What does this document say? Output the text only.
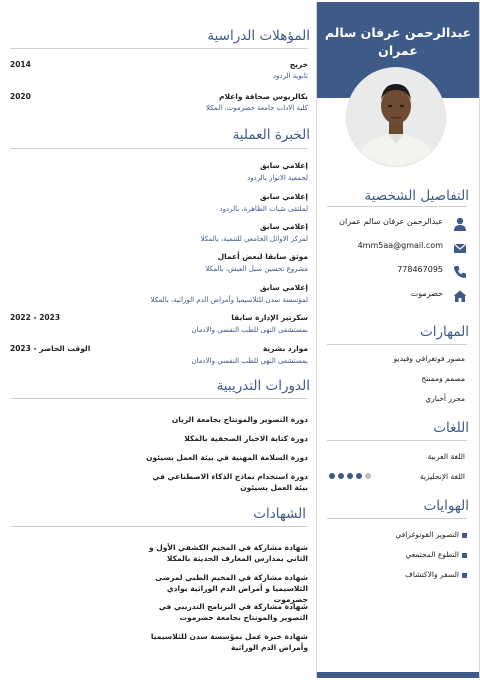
عبدالرحمن عرفان سالم عمران
التفاصيل الشخصية
عبدالرحمن عرفان سالم عمران
4mm5aa@gmail.com
778467095
حضرموت
المهارات
مصور فوتغرافي وفيديو
مصمم وممنتج
محرر أخباري
اللغات
اللغة العربية
اللغة الإنجليزية
الهوايات
التصوير الفوتوغرافي
التطوع المجتمعي
السفر والاكتشاف
المؤهلات الدراسية
خريج
2014
ثانوية الردود
بكالريوس صحافة واعلام
2020
كلية الاداب جامعة حضرموت، المكلا
الخبرة العملية
إعلامي سابق
لجمعية الانوار بالردود
إعلامي سابق
لملتقى شباب الظاهرة، بالردود
إعلامي سابق
لمركز الاوائل الجامعي للتنمية، بالمكلا
موثق سابقا لبعض أعمال
مشروع تحسين سبل العيش، بالمكلا
إعلامي سابق
لمؤسسة سدن للثلاسيميا وأمراض الدم الوراثية، بالمكلا
سكرتير الإدارة سابقا
2022 - 2023
بمستشفى النهى للطب النفسي والادمان
موارد بشرية
2023 - الوقت الحاضر
بمستشفى النهى للطب النفسي والادمان
الدورات التدريبية
دورة التصوير والمونتاج بجامعة الريان
دورة كتابة الاخبار الصحفية بالمكلا
دورة السلامة المهنية في بيئة العمل بسيئون
دورة استخدام نماذج الذكاء الاصطناعي في بيئة العمل بسيئون
الشهادات
شهادة مشاركة في المخيم الكشفي الأول و الثاني بمدارس المعارف الحديثة بالمكلا
شهادة مشاركة في المخيم الطبي لمرضى الثلاسيميا و أمراض الدم الوراثية بوادي حضرموت
شهادة مشاركة في البرنامج التدريبي في التصوير والمونتاج بجامعة حضرموت
شهادة خبرة عمل بمؤسسة سدن للثلاسيميا وأمراض الدم الوراثية
